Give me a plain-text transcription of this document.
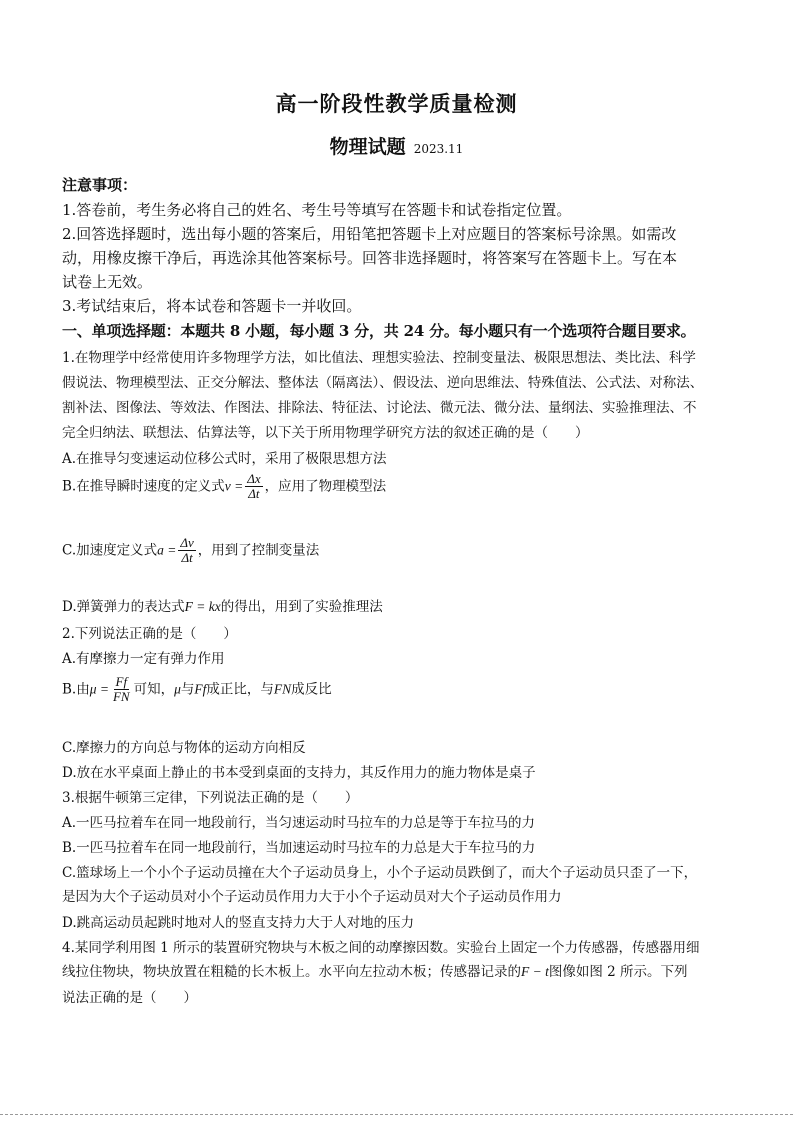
高一阶段性教学质量检测
物理试题 2023.11
注意事项：
1.答卷前，考生务必将自己的姓名、考生号等填写在答题卡和试卷指定位置。
2.回答选择题时，选出每小题的答案后，用铅笔把答题卡上对应题目的答案标号涂黑。如需改
动，用橡皮擦干净后，再选涂其他答案标号。回答非选择题时，将答案写在答题卡上。写在本
试卷上无效。
3.考试结束后，将本试卷和答题卡一并收回。
一、单项选择题：本题共 8 小题，每小题 3 分，共 24 分。每小题只有一个选项符合题目要求。
1.在物理学中经常使用许多物理学方法，如比值法、理想实验法、控制变量法、极限思想法、类比法、科学
假说法、物理模型法、正交分解法、整体法（隔离法）、假设法、逆向思维法、特殊值法、公式法、对称法、
割补法、图像法、等效法、作图法、排除法、特征法、讨论法、微元法、微分法、量纲法、实验推理法、不
完全归纳法、联想法、估算法等，以下关于所用物理学研究方法的叙述正确的是（　　）
A.在推导匀变速运动位移公式时，采用了极限思想方法
B.在推导瞬时速度的定义式$v = \frac{\Delta x}{\Delta t}$ ，应用了物理模型法
C.加速度定义式$a = \frac{\Delta v}{\Delta t}$ ，用到了控制变量法
D.弹簧弹力的表达式F = kx的得出，用到了实验推理法
2.下列说法正确的是（　　）
A.有摩擦力一定有弹力作用
B.由$\mu = \frac{Ff}{FN}$ 可知，μ与Ff成正比，与FN成反比
C.摩擦力的方向总与物体的运动方向相反
D.放在水平桌面上静止的书本受到桌面的支持力，其反作用力的施力物体是桌子
3.根据牛顿第三定律，下列说法正确的是（　　）
A.一匹马拉着车在同一地段前行，当匀速运动时马拉车的力总是等于车拉马的力
B.一匹马拉着车在同一地段前行，当加速运动时马拉车的力总是大于车拉马的力
C.篮球场上一个小个子运动员撞在大个子运动员身上，小个子运动员跌倒了，而大个子运动员只歪了一下，
是因为大个子运动员对小个子运动员作用力大于小个子运动员对大个子运动员作用力
D.跳高运动员起跳时地对人的竖直支持力大于人对地的压力
4.某同学利用图 1 所示的装置研究物块与木板之间的动摩擦因数。实验台上固定一个力传感器，传感器用细
线拉住物块，物块放置在粗糙的长木板上。水平向左拉动木板；传感器记录的F − t图像如图 2 所示。下列
说法正确的是（　　）
